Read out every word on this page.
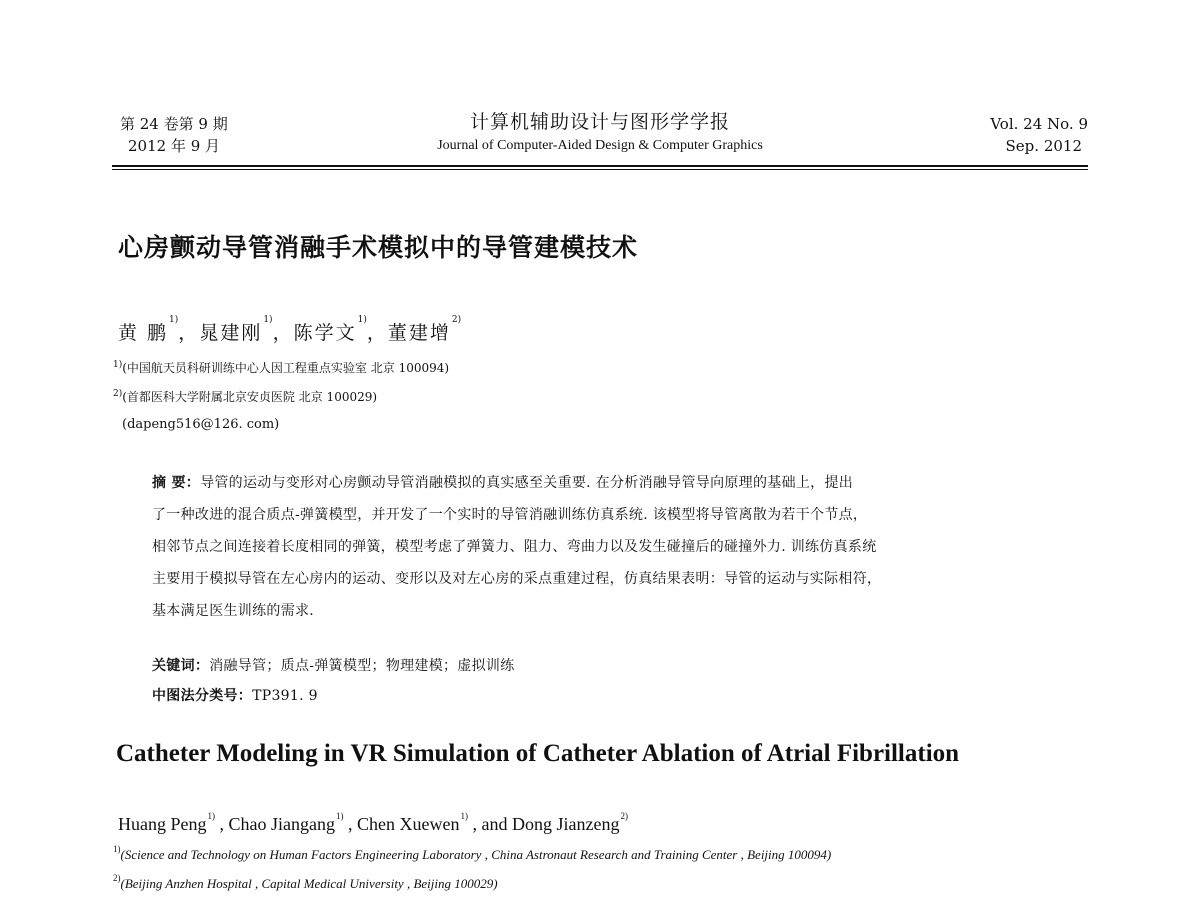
第 24 卷第 9 期
2012 年 9 月
计算机辅助设计与图形学学报
Journal of Computer-Aided Design & Computer Graphics
Vol. 24 No. 9
Sep. 2012
心房颤动导管消融手术模拟中的导管建模技术
黄 鹏$^{1)}$，晁建刚$^{1)}$，陈学文$^{1)}$，董建增$^{2)}$
$^{1)}$(中国航天员科研训练中心人因工程重点实验室 北京 100094)
$^{2)}$(首都医科大学附属北京安贞医院 北京 100029)
(dapeng516@126. com)
摘 要：导管的运动与变形对心房颤动导管消融模拟的真实感至关重要. 在分析消融导管导向原理的基础上，提出
了一种改进的混合质点-弹簧模型，并开发了一个实时的导管消融训练仿真系统. 该模型将导管离散为若干个节点，
相邻节点之间连接着长度相同的弹簧，模型考虑了弹簧力、阻力、弯曲力以及发生碰撞后的碰撞外力. 训练仿真系统
主要用于模拟导管在左心房内的运动、变形以及对左心房的采点重建过程，仿真结果表明：导管的运动与实际相符，
基本满足医生训练的需求.
关键词：消融导管；质点-弹簧模型；物理建模；虚拟训练
中图法分类号：TP391. 9
Catheter Modeling in VR Simulation of Catheter Ablation of Atrial Fibrillation
Huang Peng$^{1)}$ , Chao Jiangang$^{1)}$ , Chen Xuewen$^{1)}$ , and Dong Jianzeng$^{2)}$
$^{1)}$(Science and Technology on Human Factors Engineering Laboratory , China Astronaut Research and Training Center , Beijing 100094)
$^{2)}$(Beijing Anzhen Hospital , Capital Medical University , Beijing 100029)
